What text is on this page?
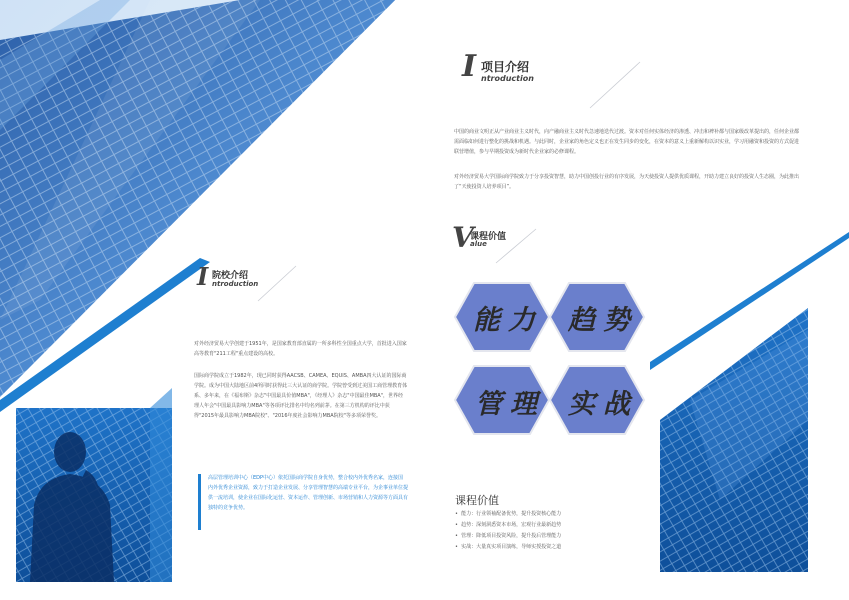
I 项目介绍
ntroduction
中国的商业文明正从产业商业主义时代，向产融商业主义时代急速地迭代过渡。资本对任何实体经济的渗透、冲击和裨补都与国家级改革提出的，任何企业都需面临如何进行整化的挑战和机遇。与此同时，企业家的角色定义也正在发生同步的变化，在资本的意义上重新解构以识实业，学习用融资和投资的方式促进联营增值，参与早期投资成为新时代企业家的必修课程。
对外经济贸易大学国际商学院致力于分享投资智慧，助力中国创投行业的有序发展，为天使投资人提供优质课程，开助力建立良好的投资人生态圈，为此推出了“天使投资人培养项目”。
V
课程价值
alue
能力 趋势
管理 实战
I 院校介绍
ntroduction
对外经济贸易大学创建于1951年，是国家教育部直属的一所多科性全国重点大学，首批进入国家高等教育"211工程"重点建设的高校。
国际商学院成立于1982年，现已同时获得AACSB、CAMEA、EQUIS、AMBA四大认证的国际商学院。成为中国大陆地区前4所同时获得此三大认证的商学院。学院曾受到过美国工商管理教育体系、多年来，在《福布斯》杂志"中国最具价值MBA"，《经理人》杂志"中国最佳MBA"，世界经理人年会"中国最具影响力MBA"等各项评比排名中均名列前茅。在第三方机构的评比中获得"2015年最具影响力MBA院校"、"2016年度社会影响力MBA院校"等多项荣誉奖。
高层管理培训中心（EDP中心）依托国际商学院自身优势，整合校内外优秀名家，连接国内外优秀企业资源，致力于打造企业发展、分享管理智慧的高端专业平台，为企事业单位提供一流培训，使企业在国际化运营、资本运作、管理创新、市场营销和人力资源等方面具有独特的竞争优势。
课程价值
•  能力：行业领袖配备优势，提升投资核心能力
•  趋势：深刻洞悉资本市场，宏观行业最新趋势
•  管理：降低项目投资风险，提升投后管理能力
•  实战：大量真实项目演练，导师实授投资之道
